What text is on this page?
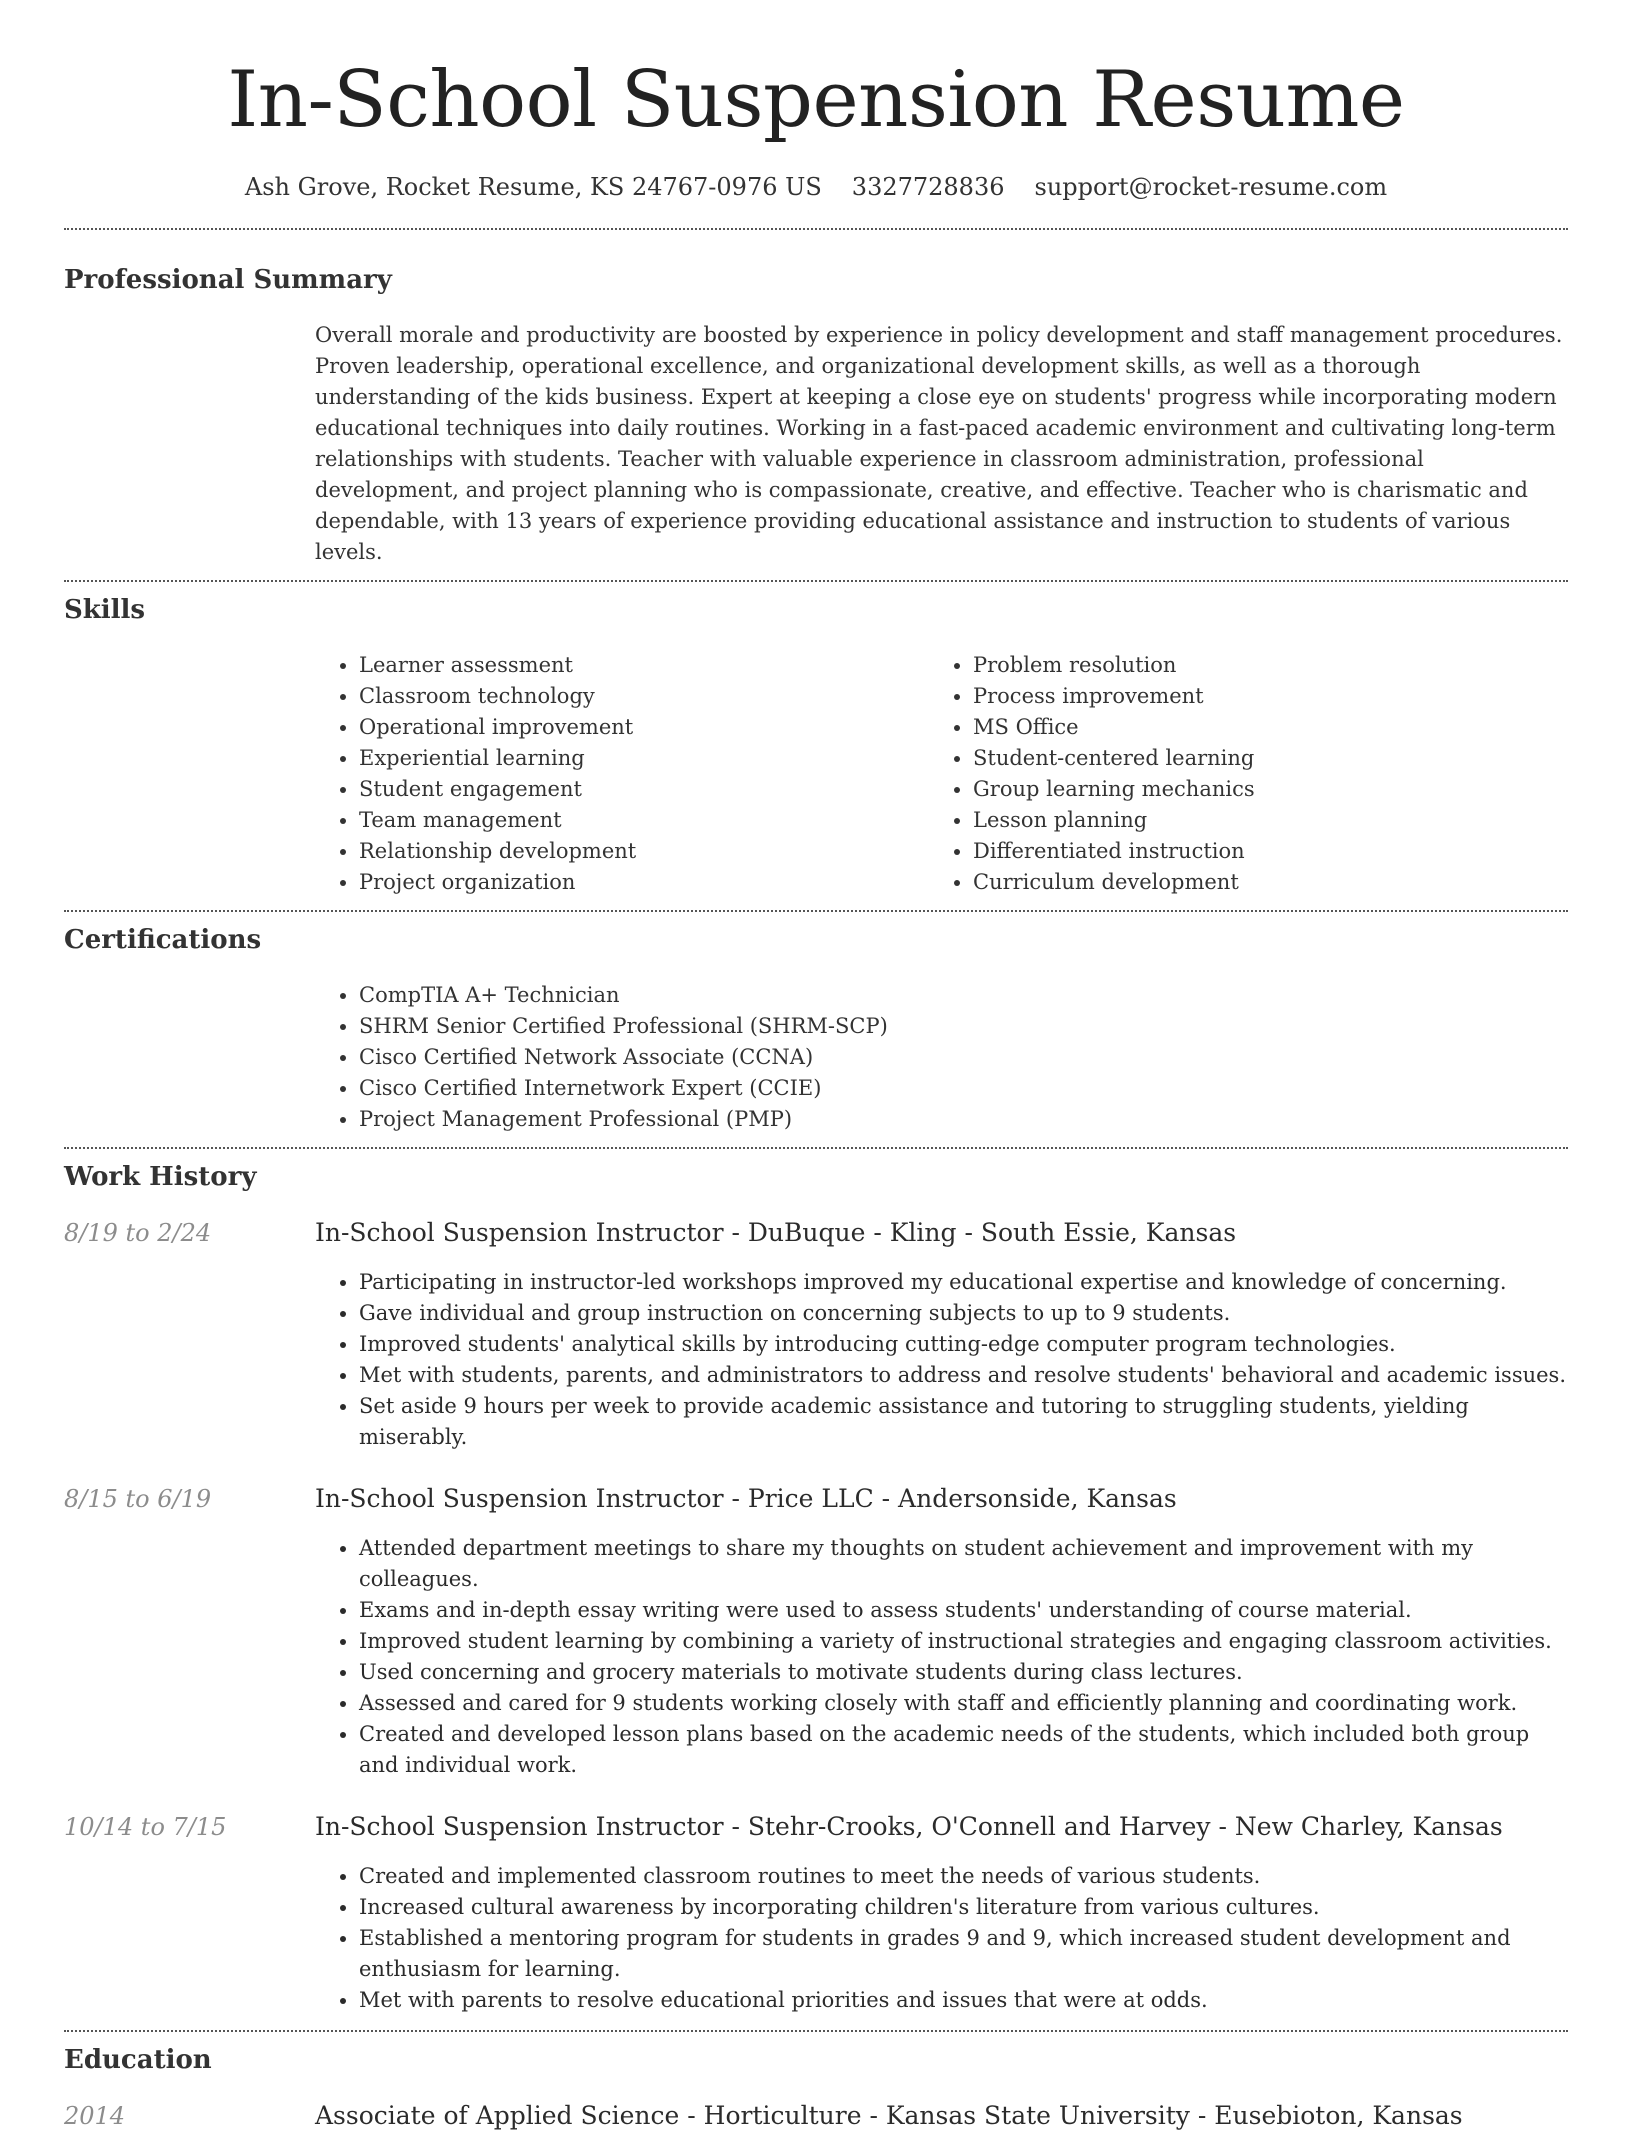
In-School Suspension Resume
Ash Grove, Rocket Resume, KS 24767-0976 US 3327728836 support@rocket-resume.com
Professional Summary

Overall morale and productivity are boosted by experience in policy development and staff management procedures. Proven leadership, operational excellence, and organizational development skills, as well as a thorough understanding of the kids business. Expert at keeping a close eye on students' progress while incorporating modern educational techniques into daily routines. Working in a fast-paced academic environment and cultivating long-term relationships with students. Teacher with valuable experience in classroom administration, professional development, and project planning who is compassionate, creative, and effective. Teacher who is charismatic and dependable, with 13 years of experience providing educational assistance and instruction to students of various levels.

Skills
• Learner assessment
• Classroom technology
• Operational improvement
• Experiential learning
• Student engagement
• Team management
• Relationship development
• Project organization
• Problem resolution
• Process improvement
• MS Office
• Student-centered learning
• Group learning mechanics
• Lesson planning
• Differentiated instruction
• Curriculum development
Certifications
• CompTIA A+ Technician
• SHRM Senior Certified Professional (SHRM-SCP)
• Cisco Certified Network Associate (CCNA)
• Cisco Certified Internetwork Expert (CCIE)
• Project Management Professional (PMP)
Work History
8/19 to 2/24	In-School Suspension Instructor - DuBuque - Kling - South Essie, Kansas
• Participating in instructor-led workshops improved my educational expertise and knowledge of concerning.
• Gave individual and group instruction on concerning subjects to up to 9 students.
• Improved students' analytical skills by introducing cutting-edge computer program technologies.
• Met with students, parents, and administrators to address and resolve students' behavioral and academic issues.
• Set aside 9 hours per week to provide academic assistance and tutoring to struggling students, yielding miserably.
8/15 to 6/19	In-School Suspension Instructor - Price LLC - Andersonside, Kansas
• Attended department meetings to share my thoughts on student achievement and improvement with my colleagues.
• Exams and in-depth essay writing were used to assess students' understanding of course material.
• Improved student learning by combining a variety of instructional strategies and engaging classroom activities.
• Used concerning and grocery materials to motivate students during class lectures.
• Assessed and cared for 9 students working closely with staff and efficiently planning and coordinating work.
• Created and developed lesson plans based on the academic needs of the students, which included both group and individual work.
10/14 to 7/15	In-School Suspension Instructor - Stehr-Crooks, O'Connell and Harvey - New Charley, Kansas
• Created and implemented classroom routines to meet the needs of various students.
• Increased cultural awareness by incorporating children's literature from various cultures.
• Established a mentoring program for students in grades 9 and 9, which increased student development and enthusiasm for learning.
• Met with parents to resolve educational priorities and issues that were at odds.
Education
2014	Associate of Applied Science - Horticulture - Kansas State University - Eusebioton, Kansas
